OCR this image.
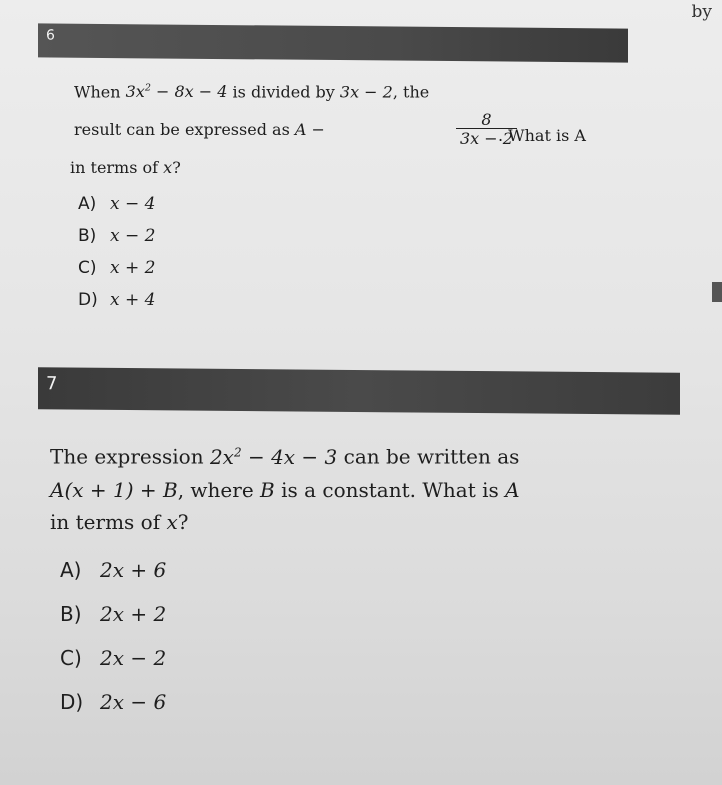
by
6
When $3x^2 - 8x - 4$ is divided by 3x − 2, the
result can be expressed as A −	$\frac{8}{3x - 2}$
. What is A
in terms of x?
A) x − 4
B) x − 2
C) x + 2
D) x + 4
7
The expression $2x^2 - 4x - 3$ can be written as
A(x + 1) + B, where B is a constant. What is A
in terms of x?
A) 2x + 6
B) 2x + 2
C) 2x − 2
D) 2x − 6
